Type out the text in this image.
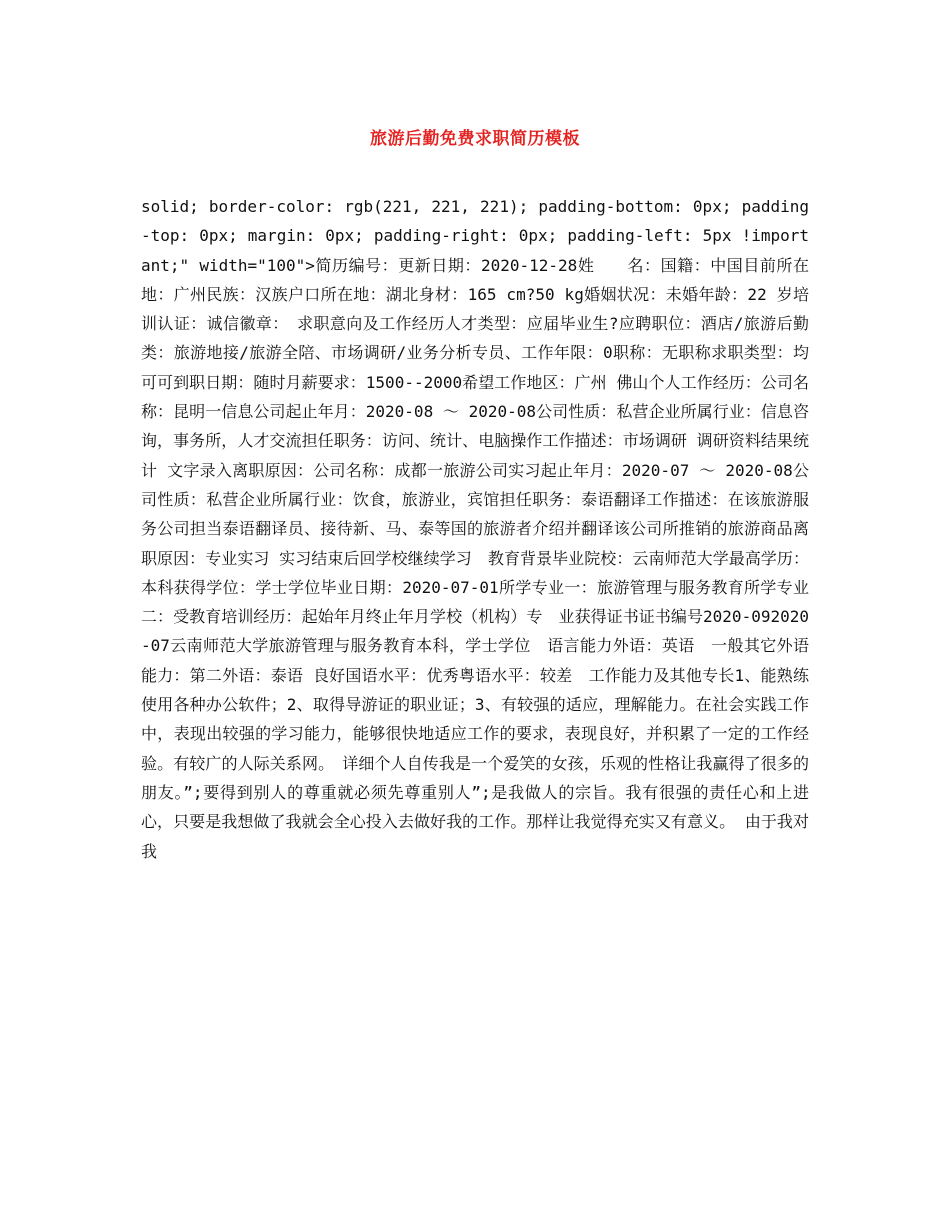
旅游后勤免费求职简历模板

solid; border-color: rgb(221, 221, 221); padding-bottom: 0px; padding-top: 0px; margin: 0px; padding-right: 0px; padding-left: 5px !important;" width="100">简历编号：更新日期：2020-12-28姓　　名：国籍：中国目前所在地：广州民族：汉族户口所在地：湖北身材：165 cm?50 kg婚姻状况：未婚年龄：22 岁培训认证：诚信徽章：　求职意向及工作经历人才类型：应届毕业生?应聘职位：酒店/旅游后勤类：旅游地接/旅游全陪、市场调研/业务分析专员、工作年限：0职称：无职称求职类型：均可可到职日期：随时月薪要求：1500--2000希望工作地区：广州 佛山个人工作经历：公司名称：昆明一信息公司起止年月：2020-08 ～ 2020-08公司性质：私营企业所属行业：信息咨询，事务所，人才交流担任职务：访问、统计、电脑操作工作描述：市场调研 调研资料结果统计 文字录入离职原因：公司名称：成都一旅游公司实习起止年月：2020-07 ～ 2020-08公司性质：私营企业所属行业：饮食，旅游业，宾馆担任职务：泰语翻译工作描述：在该旅游服务公司担当泰语翻译员、接待新、马、泰等国的旅游者介绍并翻译该公司所推销的旅游商品离职原因：专业实习 实习结束后回学校继续学习　教育背景毕业院校：云南师范大学最高学历：本科获得学位：学士学位毕业日期：2020-07-01所学专业一：旅游管理与服务教育所学专业二：受教育培训经历：起始年月终止年月学校（机构）专　业获得证书证书编号2020-092020-07云南师范大学旅游管理与服务教育本科，学士学位　语言能力外语：英语　一般其它外语能力：第二外语：泰语 良好国语水平：优秀粤语水平：较差　工作能力及其他专长1、能熟练使用各种办公软件；2、取得导游证的职业证；3、有较强的适应，理解能力。在社会实践工作中，表现出较强的学习能力，能够很快地适应工作的要求，表现良好，并积累了一定的工作经验。有较广的人际关系网。　详细个人自传我是一个爱笑的女孩，乐观的性格让我赢得了很多的朋友。”;要得到别人的尊重就必须先尊重别人”;是我做人的宗旨。我有很强的责任心和上进心，只要是我想做了我就会全心投入去做好我的工作。那样让我觉得充实又有意义。 由于我对我
